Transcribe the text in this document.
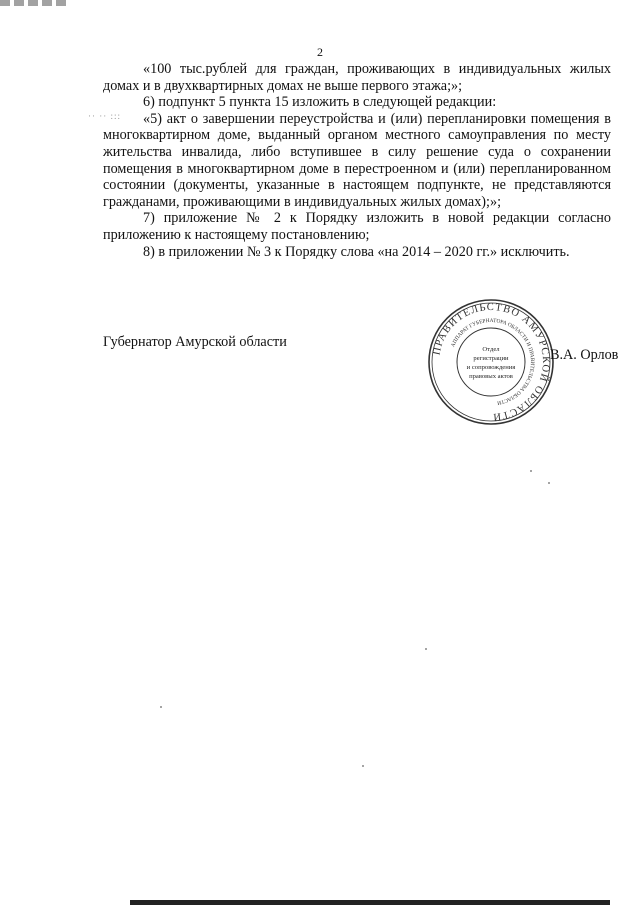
2
·· ·· :::

«100 тыс.рублей для граждан, проживающих в индивидуальных жилых домах и в двухквартирных домах не выше первого этажа;»;

6) подпункт 5 пункта 15 изложить в следующей редакции:

«5) акт о завершении переустройства и (или) перепланировки помещения в многоквартирном доме, выданный органом местного самоуправления по месту жительства инвалида, либо вступившее в силу решение суда о сохранении помещения в многоквартирном доме в перестроенном и (или) перепланированном состоянии (документы, указанные в настоящем подпункте, не представляются гражданами, проживающими в индивидуальных жилых домах);»;

7) приложение № 2 к Порядку изложить в новой редакции согласно приложению к настоящему постановлению;

8) в приложении № 3 к Порядку слова «на 2014 – 2020 гг.» исключить.

Губернатор Амурской области
ПРАВИТЕЛЬСТВО АМУРСКОЙ ОБЛАСТИ
АППАРАТ ГУБЕРНАТОРА ОБЛАСТИ И ПРАВИТЕЛЬСТВА ОБЛАСТИ
Отдел
регистрации
и сопровождения
правовых актов
В.А. Орлов
